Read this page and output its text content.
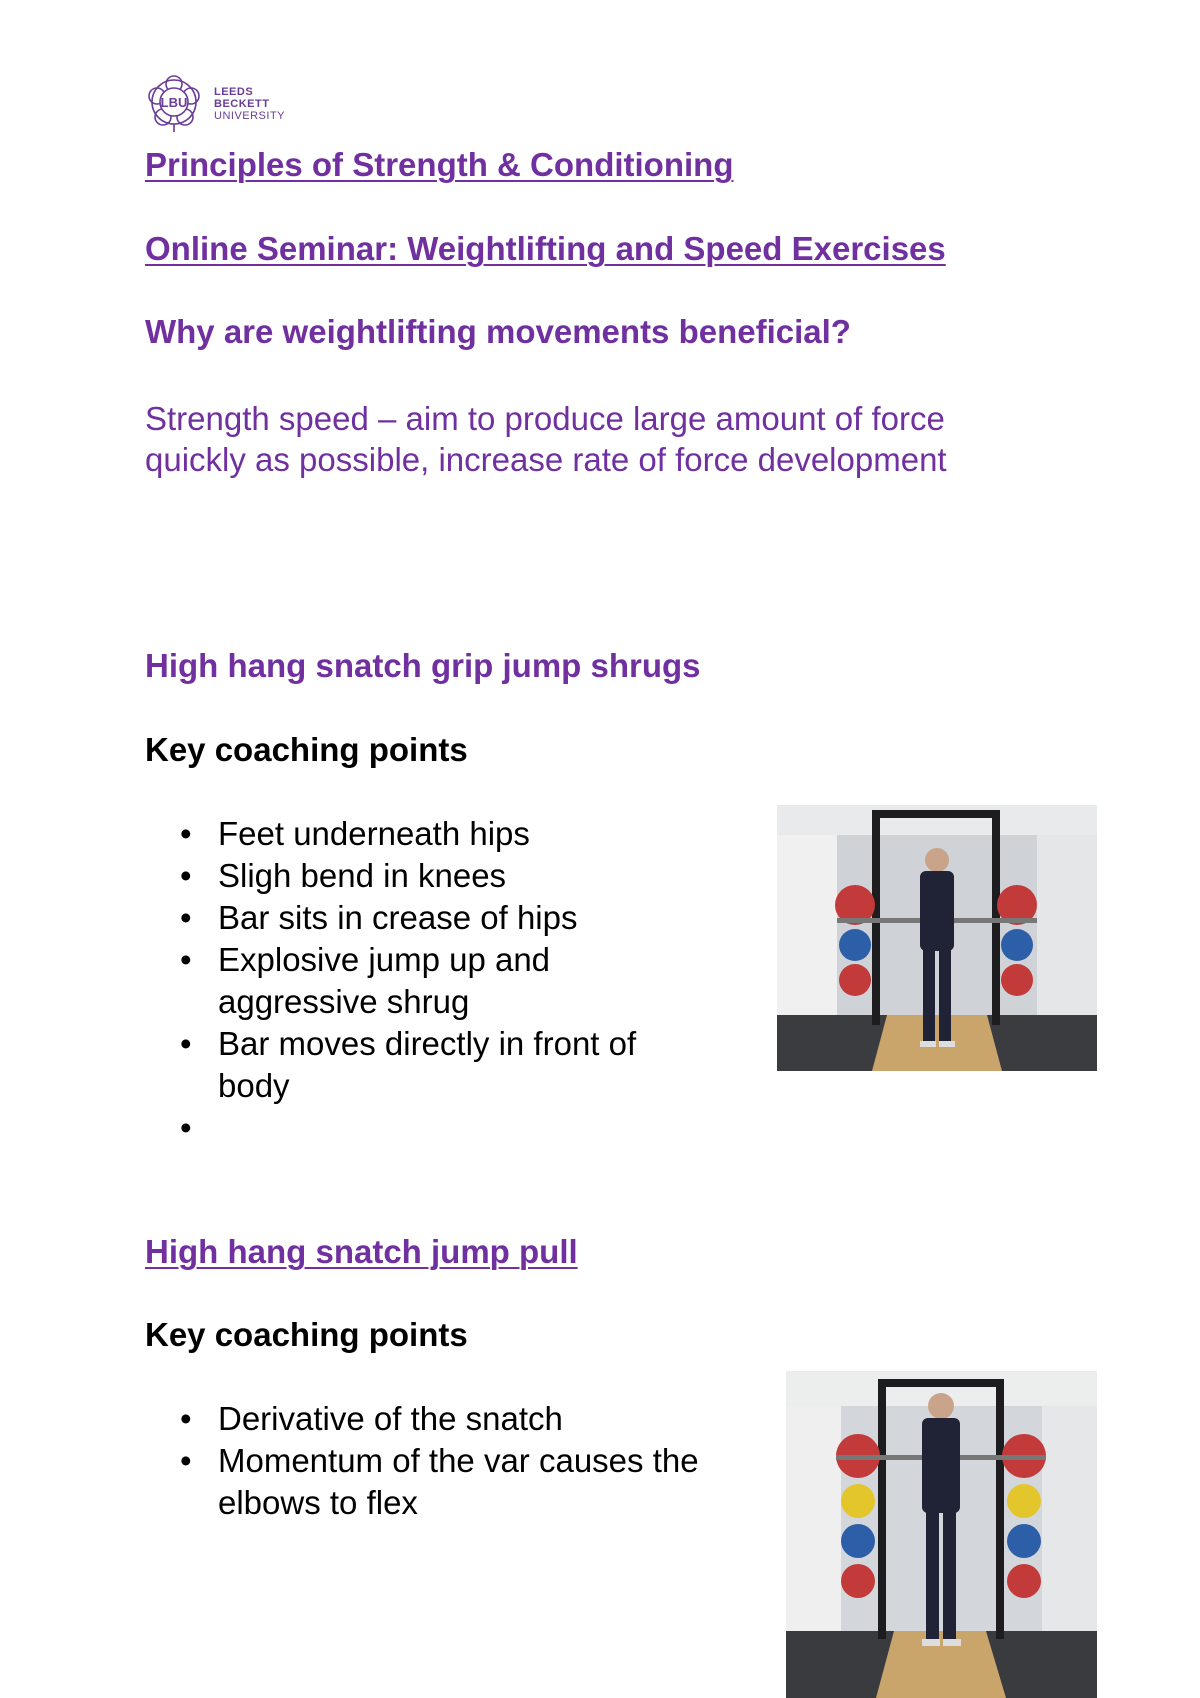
LBU
LEEDS
BECKETT
UNIVERSITY
Principles of Strength & Conditioning
Online Seminar: Weightlifting and Speed Exercises
Why are weightlifting movements beneficial?

Strength speed – aim to produce large amount of force
quickly as possible, increase rate of force development

High hang snatch grip jump shrugs
Key coaching points
• Feet underneath hips
• Sligh bend in knees
• Bar sits in crease of hips
• Explosive jump up and
aggressive shrug
• Bar moves directly in front of
body
•
High hang snatch jump pull
Key coaching points
• Derivative of the snatch
• Momentum of the var causes the
elbows to flex
